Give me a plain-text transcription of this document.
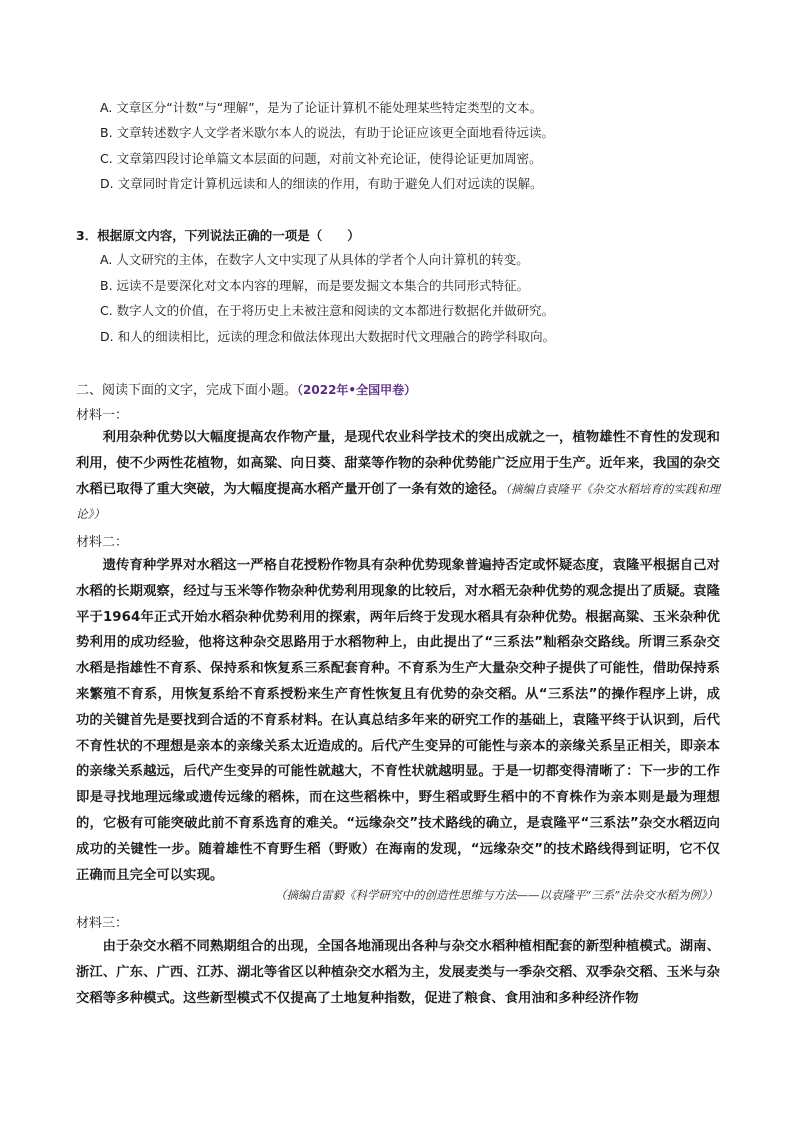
A. 文章区分“计数”与“理解”，是为了论证计算机不能处理某些特定类型的文本。
B. 文章转述数字人文学者米歇尔本人的说法，有助于论证应该更全面地看待远读。
C. 文章第四段讨论单篇文本层面的问题，对前文补充论证，使得论证更加周密。
D. 文章同时肯定计算机远读和人的细读的作用，有助于避免人们对远读的误解。
3．根据原文内容，下列说法正确的一项是（　　）
A. 人文研究的主体，在数字人文中实现了从具体的学者个人向计算机的转变。
B. 远读不是要深化对文本内容的理解，而是要发掘文本集合的共同形式特征。
C. 数字人文的价值，在于将历史上未被注意和阅读的文本都进行数据化并做研究。
D. 和人的细读相比，远读的理念和做法体现出大数据时代文理融合的跨学科取向。
二、阅读下面的文字，完成下面小题。（2022年•全国甲卷）
材料一：
利用杂种优势以大幅度提高农作物产量，是现代农业科学技术的突出成就之一，植物雄性不育性的发现和利用，使不少两性花植物，如高粱、向日葵、甜菜等作物的杂种优势能广泛应用于生产。近年来，我国的杂交水稻已取得了重大突破，为大幅度提高水稻产量开创了一条有效的途径。（摘编自袁隆平《杂交水稻培育的实践和理论》）
材料二：
遗传育种学界对水稻这一严格自花授粉作物具有杂种优势现象普遍持否定或怀疑态度，袁隆平根据自己对水稻的长期观察，经过与玉米等作物杂种优势利用现象的比较后，对水稻无杂种优势的观念提出了质疑。袁隆平于1964年正式开始水稻杂种优势利用的探索，两年后终于发现水稻具有杂种优势。根据高粱、玉米杂种优势利用的成功经验，他将这种杂交思路用于水稻物种上，由此提出了“三系法”籼稻杂交路线。所谓三系杂交水稻是指雄性不育系、保持系和恢复系三系配套育种。不育系为生产大量杂交种子提供了可能性，借助保持系来繁殖不育系，用恢复系给不育系授粉来生产育性恢复且有优势的杂交稻。从“三系法”的操作程序上讲，成功的关键首先是要找到合适的不育系材料。在认真总结多年来的研究工作的基础上，袁隆平终于认识到，后代不育性状的不理想是亲本的亲缘关系太近造成的。后代产生变异的可能性与亲本的亲缘关系呈正相关，即亲本的亲缘关系越远，后代产生变异的可能性就越大，不育性状就越明显。于是一切都变得清晰了：下一步的工作即是寻找地理远缘或遗传远缘的稻株，而在这些稻株中，野生稻或野生稻中的不育株作为亲本则是最为理想的，它极有可能突破此前不育系选育的难关。“远缘杂交”技术路线的确立，是袁隆平“三系法”杂交水稻迈向成功的关键性一步。随着雄性不育野生稻（野败）在海南的发现，“远缘杂交”的技术路线得到证明，它不仅正确而且完全可以实现。
（摘编自雷毅《科学研究中的创造性思维与方法——以袁隆平“三系”法杂交水稻为例》）
材料三：
由于杂交水稻不同熟期组合的出现，全国各地涌现出各种与杂交水稻种植相配套的新型种植模式。湖南、浙江、广东、广西、江苏、湖北等省区以种植杂交水稻为主，发展麦类与一季杂交稻、双季杂交稻、玉米与杂交稻等多种模式。这些新型模式不仅提高了土地复种指数，促进了粮食、食用油和多种经济作物
